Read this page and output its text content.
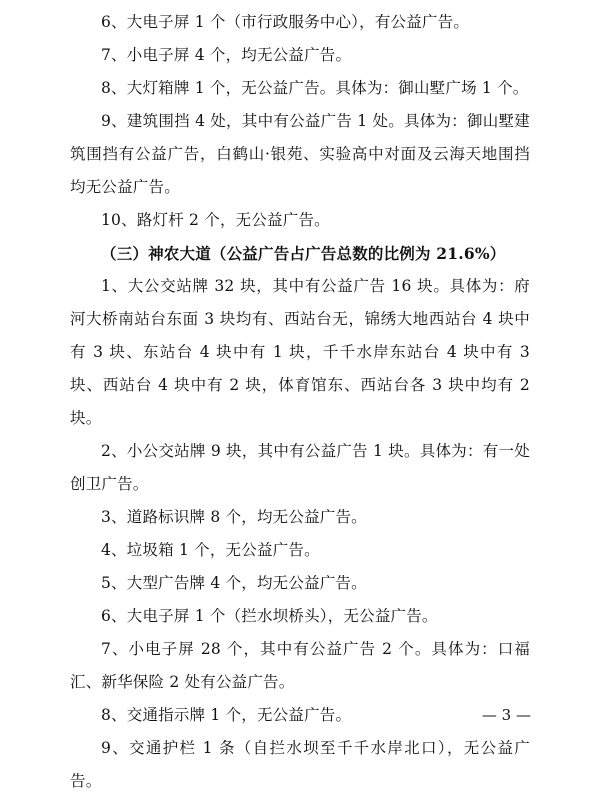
6、大电子屏 1 个（市行政服务中心），有公益广告。

7、小电子屏 4 个，均无公益广告。

8、大灯箱牌 1 个，无公益广告。具体为：御山墅广场 1 个。

9、建筑围挡 4 处，其中有公益广告 1 处。具体为：御山墅建筑围挡有公益广告，白鹤山·银苑、实验高中对面及云海天地围挡均无公益广告。

10、路灯杆 2 个，无公益广告。

（三）神农大道（公益广告占广告总数的比例为 21.6%）

1、大公交站牌 32 块，其中有公益广告 16 块。具体为：府河大桥南站台东面 3 块均有、西站台无，锦绣大地西站台 4 块中有 3 块、东站台 4 块中有 1 块，千千水岸东站台 4 块中有 3 块、西站台 4 块中有 2 块，体育馆东、西站台各 3 块中均有 2 块。

2、小公交站牌 9 块，其中有公益广告 1 块。具体为：有一处创卫广告。

3、道路标识牌 8 个，均无公益广告。

4、垃圾箱 1 个，无公益广告。

5、大型广告牌 4 个，均无公益广告。

6、大电子屏 1 个（拦水坝桥头），无公益广告。

7、小电子屏 28 个，其中有公益广告 2 个。具体为：口福汇、新华保险 2 处有公益广告。

8、交通指示牌 1 个，无公益广告。

9、交通护栏 1 条（自拦水坝至千千水岸北口），无公益广告。

— 3 —
